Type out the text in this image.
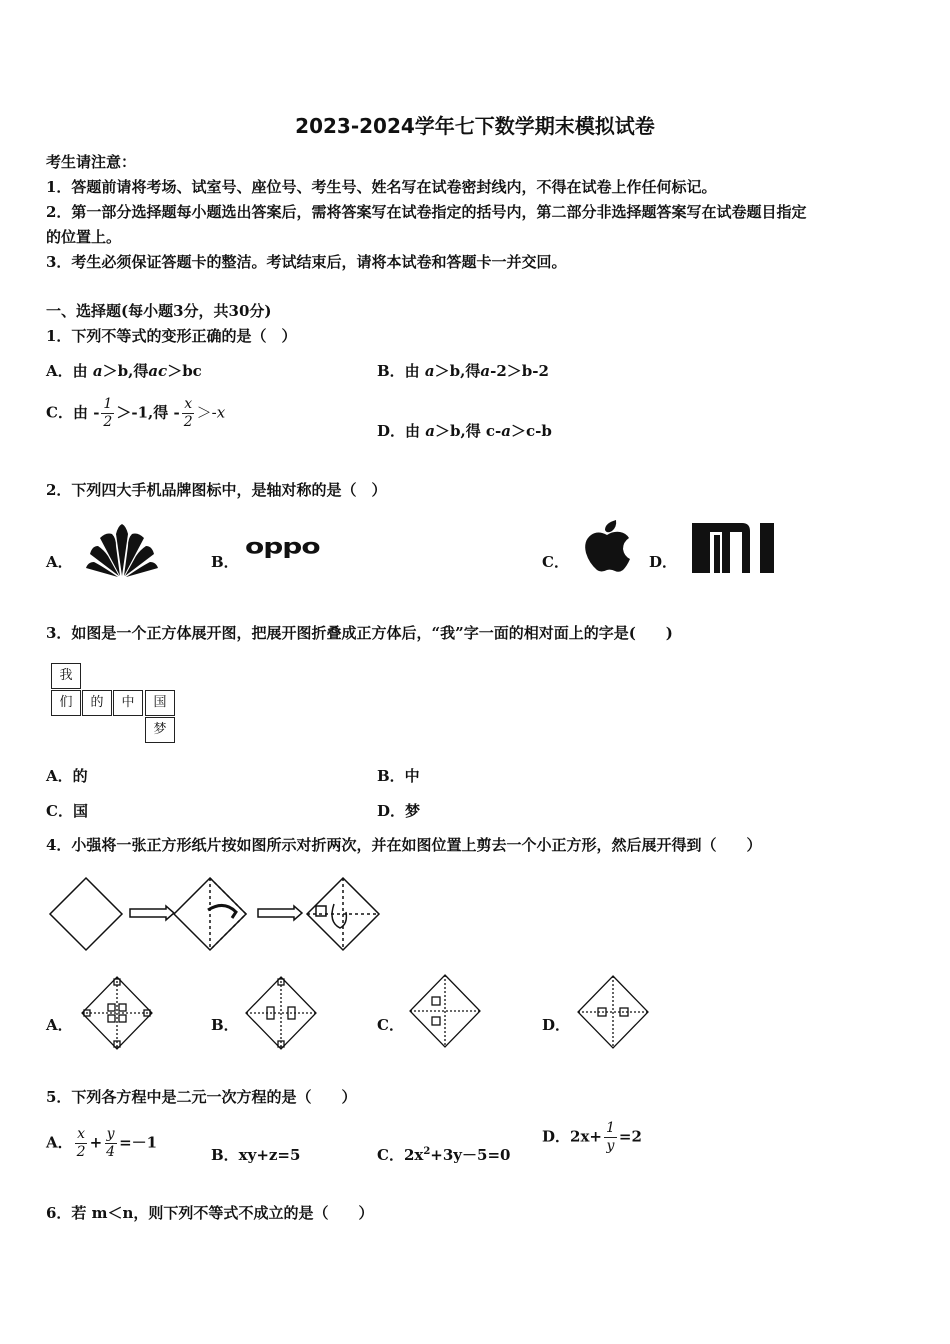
2023-2024学年七下数学期末模拟试卷
考生请注意：
1．答题前请将考场、试室号、座位号、考生号、姓名写在试卷密封线内，不得在试卷上作任何标记。
2．第一部分选择题每小题选出答案后，需将答案写在试卷指定的括号内，第二部分非选择题答案写在试卷题目指定
的位置上。
3．考生必须保证答题卡的整洁。考试结束后，请将本试卷和答题卡一并交回。
一、选择题(每小题3分，共30分)
1．下列不等式的变形正确的是（　）
A．由 a＞b,得ac＞bc	B．由 a＞b,得a-2＞b-2
C．由 - $\frac{1}{2} >-1$,得 - $\frac{x}{2} >-x$
D．由 a＞b,得 c-a＞c-b
2．下列四大手机品牌图标中，是轴对称的是（　）
A．	B．
oppo
C．	D．
3．如图是一个正方体展开图，把展开图折叠成正方体后，“我”字一面的相对面上的字是(　　)
我
们	的	中	国
梦
A．的	B．中
C．国	D．梦
4．小强将一张正方形纸片按如图所示对折两次，并在如图位置上剪去一个小正方形，然后展开得到（　　）
A．	B．	C．	D．
5．下列各方程中是二元一次方程的是（　　）
A． $\frac{x}{2} + \frac{y}{4} =-1$
B．xy+z=5	C．$2x^2+3y-5=0$
D．$2x+ \frac{1}{y} =2$
6．若 m＜n，则下列不等式不成立的是（　　）
